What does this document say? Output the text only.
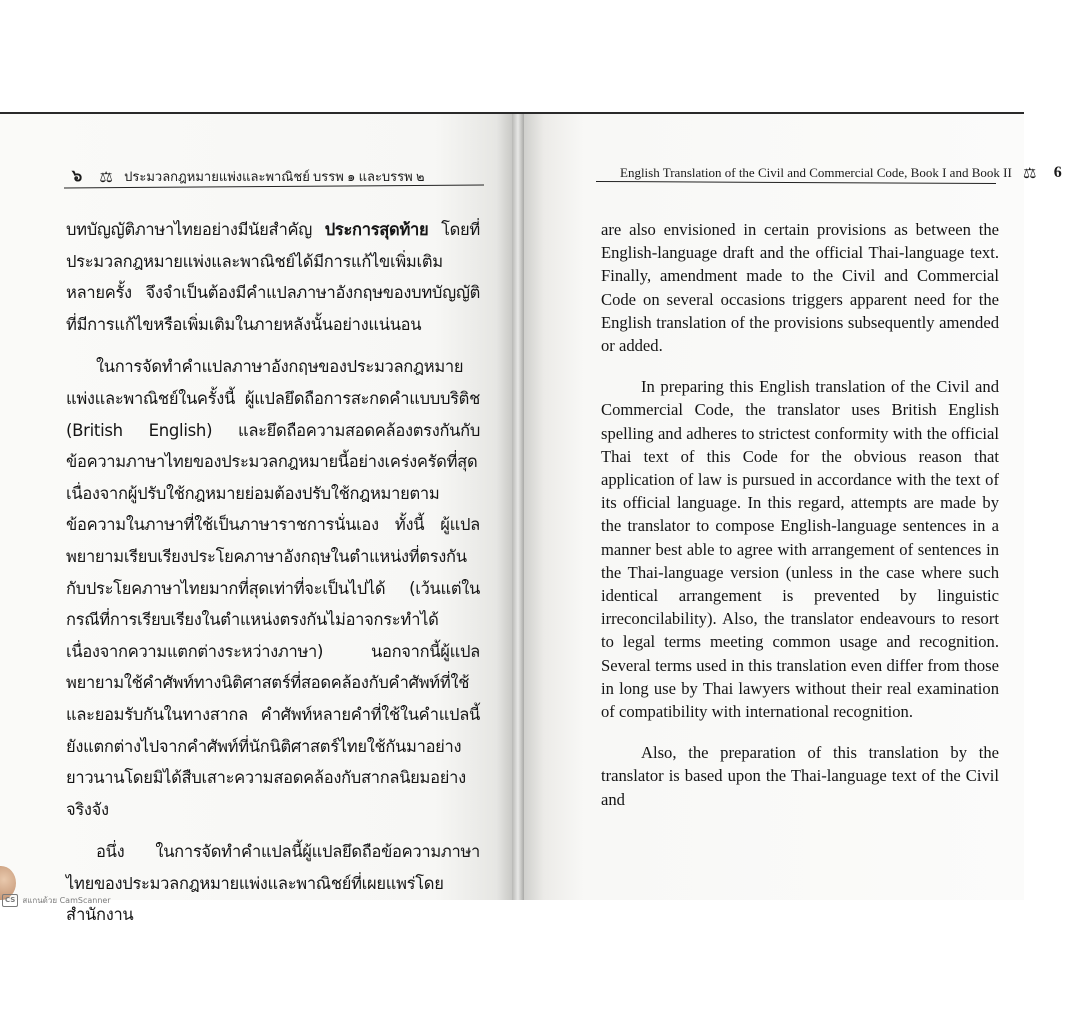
๖ ⚖ ประมวลกฎหมายแพ่งและพาณิชย์ บรรพ ๑ และบรรพ ๒

บทบัญญัติภาษาไทยอย่างมีนัยสำคัญ ประการสุดท้าย โดยที่ประมวลกฎหมายแพ่งและพาณิชย์ได้มีการแก้ไขเพิ่มเติมหลายครั้ง จึงจำเป็นต้องมีคำแปลภาษาอังกฤษของบทบัญญัติที่มีการแก้ไขหรือเพิ่มเติมในภายหลังนั้นอย่างแน่นอน

ในการจัดทำคำแปลภาษาอังกฤษของประมวลกฎหมายแพ่งและพาณิชย์ในครั้งนี้ ผู้แปลยึดถือการสะกดคำแบบบริติช (British English) และยึดถือความสอดคล้องตรงกันกับข้อความภาษาไทยของประมวลกฎหมายนี้อย่างเคร่งครัดที่สุด เนื่องจากผู้ปรับใช้กฎหมายย่อมต้องปรับใช้กฎหมายตามข้อความในภาษาที่ใช้เป็นภาษาราชการนั่นเอง ทั้งนี้ ผู้แปลพยายามเรียบเรียงประโยคภาษาอังกฤษในตำแหน่งที่ตรงกันกับประโยคภาษาไทยมากที่สุดเท่าที่จะเป็นไปได้ (เว้นแต่ในกรณีที่การเรียบเรียงในตำแหน่งตรงกันไม่อาจกระทำได้เนื่องจากความแตกต่างระหว่างภาษา) นอกจากนี้ผู้แปลพยายามใช้คำศัพท์ทางนิติศาสตร์ที่สอดคล้องกับคำศัพท์ที่ใช้และยอมรับกันในทางสากล คำศัพท์หลายคำที่ใช้ในคำแปลนี้ยังแตกต่างไปจากคำศัพท์ที่นักนิติศาสตร์ไทยใช้กันมาอย่างยาวนานโดยมิได้สืบเสาะความสอดคล้องกับสากลนิยมอย่างจริงจัง

อนึ่ง ในการจัดทำคำแปลนี้ผู้แปลยึดถือข้อความภาษาไทยของประมวลกฎหมายแพ่งและพาณิชย์ที่เผยแพร่โดยสำนักงาน

English Translation of the Civil and Commercial Code, Book I and Book II ⚖ 6

are also envisioned in certain provisions as between the English-language draft and the official Thai-language text. Finally, amendment made to the Civil and Commercial Code on several occasions triggers apparent need for the English translation of the provisions subsequently amended or added.

In preparing this English translation of the Civil and Commercial Code, the translator uses British English spelling and adheres to strictest conformity with the official Thai text of this Code for the obvious reason that application of law is pursued in accordance with the text of its official language. In this regard, attempts are made by the translator to compose English-language sentences in a manner best able to agree with arrangement of sentences in the Thai-language version (unless in the case where such identical arrangement is prevented by linguistic irreconcilability). Also, the translator endeavours to resort to legal terms meeting common usage and recognition. Several terms used in this translation even differ from those in long use by Thai lawyers without their real examination of compatibility with international recognition.

Also, the preparation of this translation by the translator is based upon the Thai-language text of the Civil and

CS สแกนด้วย CamScanner
